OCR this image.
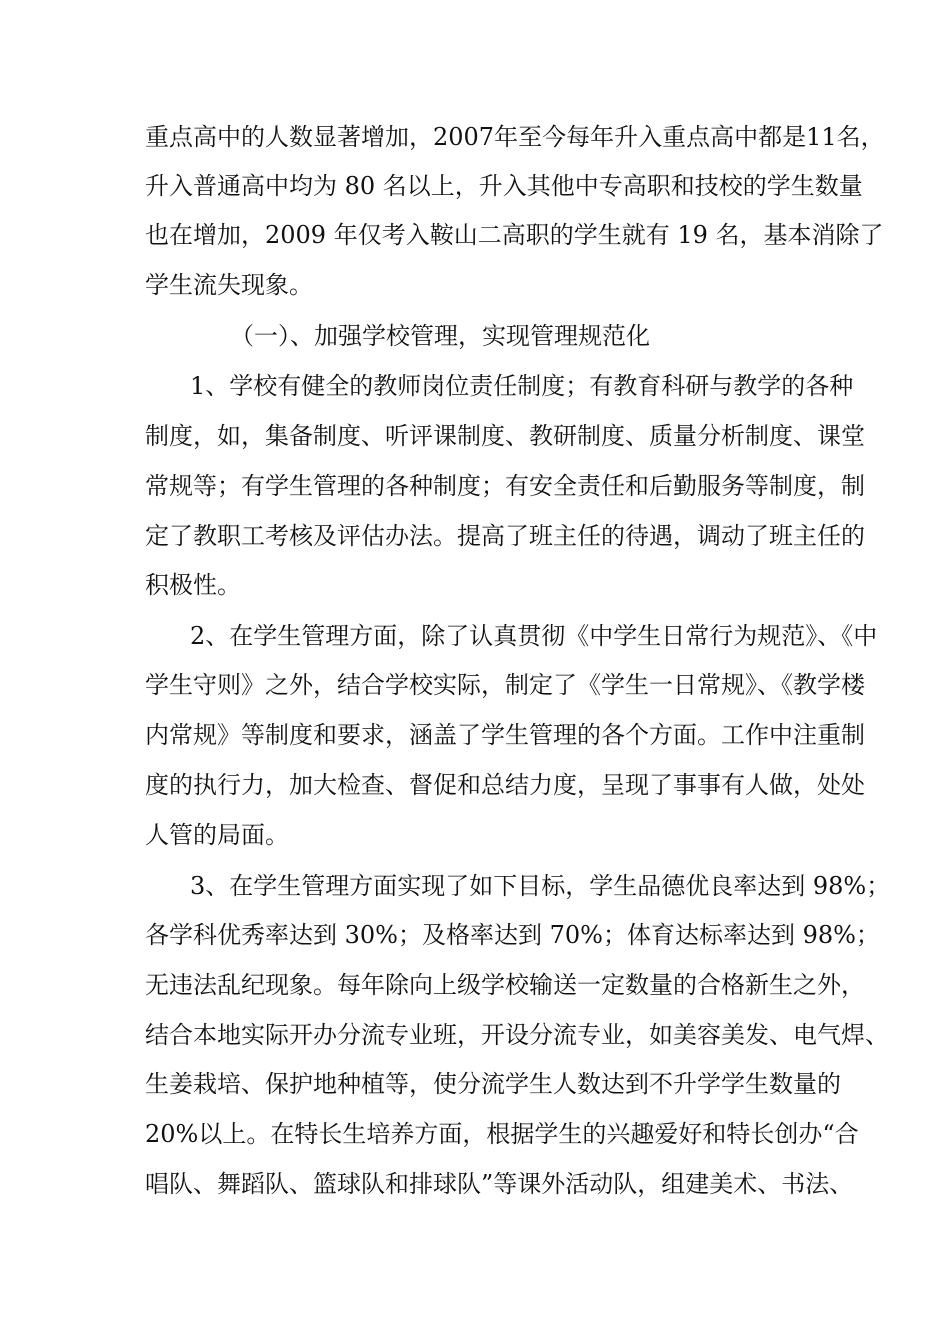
重点高中的人数显著增加，2007年至今每年升入重点高中都是11名，
升入普通高中均为 80 名以上，升入其他中专高职和技校的学生数量
也在增加，2009 年仅考入鞍山二高职的学生就有 19 名，基本消除了
学生流失现象。
（一）、加强学校管理，实现管理规范化
1、学校有健全的教师岗位责任制度；有教育科研与教学的各种
制度，如，集备制度、听评课制度、教研制度、质量分析制度、课堂
常规等；有学生管理的各种制度；有安全责任和后勤服务等制度，制
定了教职工考核及评估办法。提高了班主任的待遇，调动了班主任的
积极性。
2、在学生管理方面，除了认真贯彻《中学生日常行为规范》、《中
学生守则》之外，结合学校实际，制定了《学生一日常规》、《教学楼
内常规》等制度和要求，涵盖了学生管理的各个方面。工作中注重制
度的执行力，加大检查、督促和总结力度，呈现了事事有人做，处处
人管的局面。
3、在学生管理方面实现了如下目标，学生品德优良率达到 98%；
各学科优秀率达到 30%；及格率达到 70%；体育达标率达到 98%；
无违法乱纪现象。每年除向上级学校输送一定数量的合格新生之外，
结合本地实际开办分流专业班，开设分流专业，如美容美发、电气焊、
生姜栽培、保护地种植等，使分流学生人数达到不升学学生数量的
20%以上。在特长生培养方面，根据学生的兴趣爱好和特长创办“合
唱队、舞蹈队、篮球队和排球队”等课外活动队，组建美术、书法、
